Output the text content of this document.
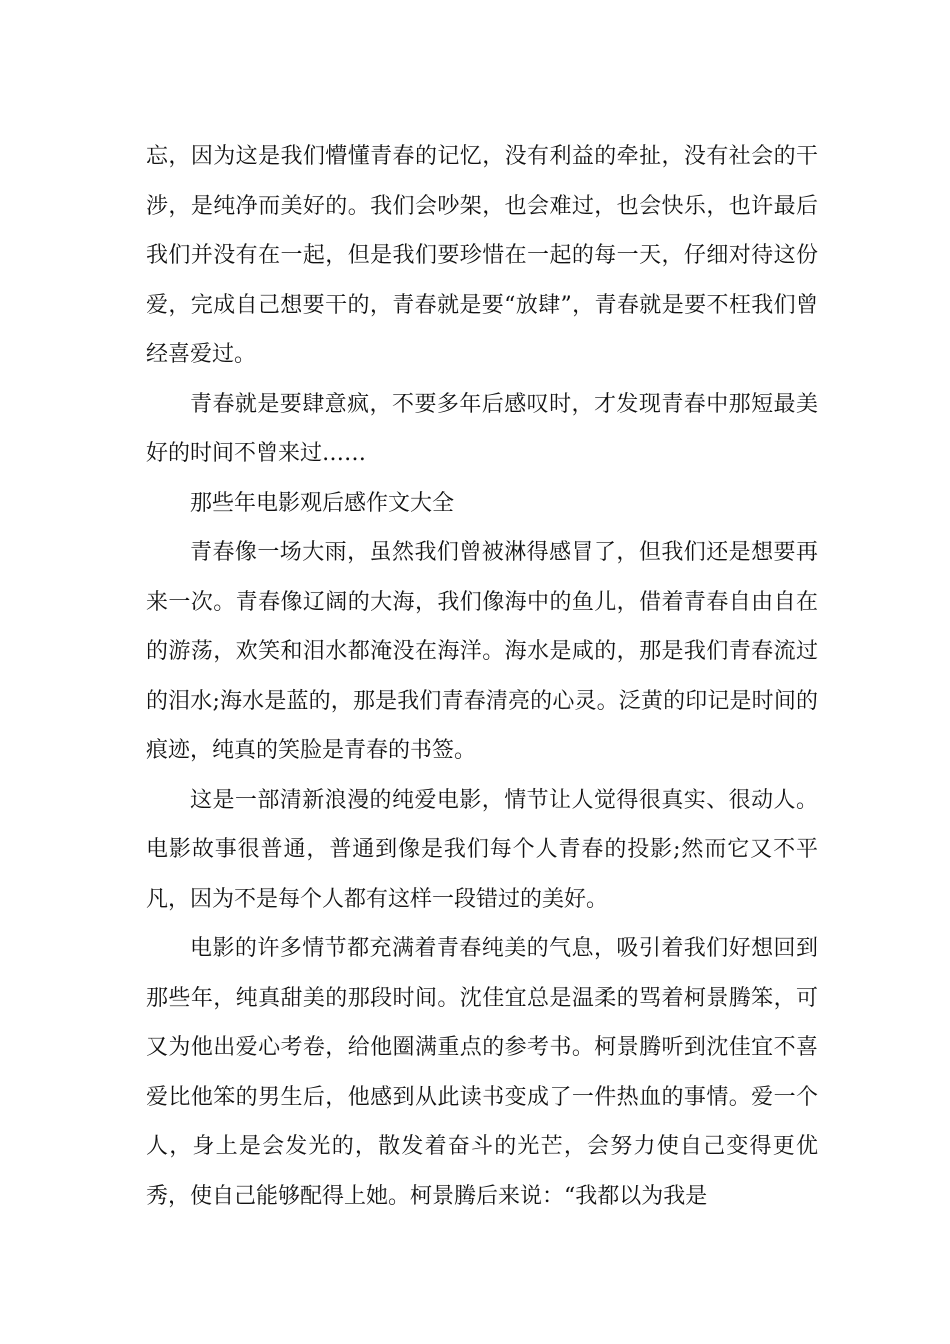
忘，因为这是我们懵懂青春的记忆，没有利益的牵扯，没有社会的干涉，是纯净而美好的。我们会吵架，也会难过，也会快乐，也许最后我们并没有在一起，但是我们要珍惜在一起的每一天，仔细对待这份爱，完成自己想要干的，青春就是要“放肆”，青春就是要不枉我们曾经喜爱过。

青春就是要肆意疯，不要多年后感叹时，才发现青春中那短最美好的时间不曾来过……

那些年电影观后感作文大全

青春像一场大雨，虽然我们曾被淋得感冒了，但我们还是想要再来一次。青春像辽阔的大海，我们像海中的鱼儿，借着青春自由自在的游荡，欢笑和泪水都淹没在海洋。海水是咸的，那是我们青春流过的泪水;海水是蓝的，那是我们青春清亮的心灵。泛黄的印记是时间的痕迹，纯真的笑脸是青春的书签。

这是一部清新浪漫的纯爱电影，情节让人觉得很真实、很动人。电影故事很普通，普通到像是我们每个人青春的投影;然而它又不平凡，因为不是每个人都有这样一段错过的美好。

电影的许多情节都充满着青春纯美的气息，吸引着我们好想回到那些年，纯真甜美的那段时间。沈佳宜总是温柔的骂着柯景腾笨，可又为他出爱心考卷，给他圈满重点的参考书。柯景腾听到沈佳宜不喜爱比他笨的男生后，他感到从此读书变成了一件热血的事情。爱一个人，身上是会发光的，散发着奋斗的光芒，会努力使自己变得更优秀，使自己能够配得上她。柯景腾后来说：“我都以为我是
